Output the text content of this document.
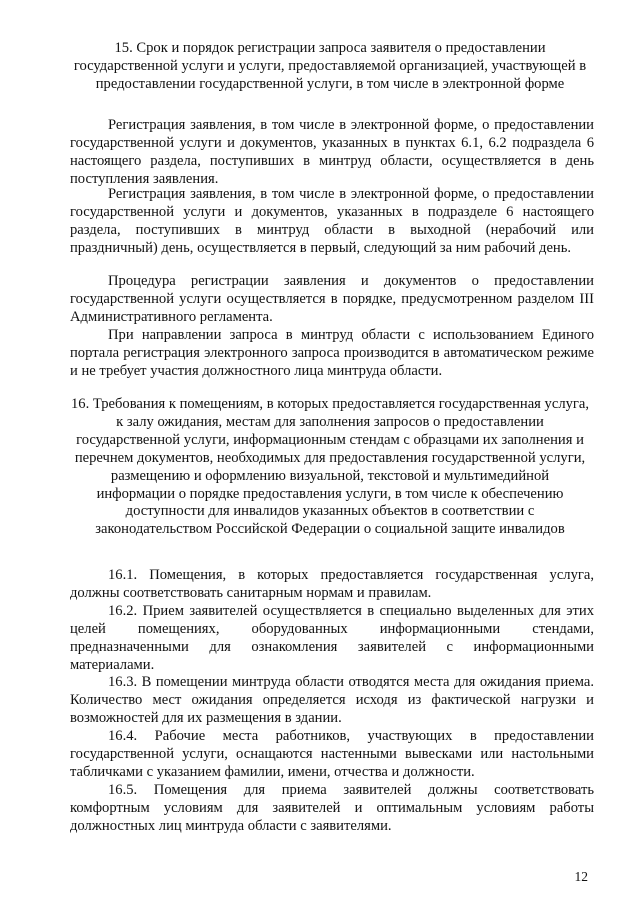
15. Срок и порядок регистрации запроса заявителя о предоставлении государственной услуги и услуги, предоставляемой организацией, участвующей в предоставлении государственной услуги, в том числе в электронной форме

Регистрация заявления, в том числе в электронной форме, о предоставлении государственной услуги и документов, указанных в пунктах 6.1, 6.2 подраздела 6 настоящего раздела, поступивших в минтруд области, осуществляется в день поступления заявления.

Регистрация заявления, в том числе в электронной форме, о предоставлении государственной услуги и документов, указанных в подразделе 6 настоящего раздела, поступивших в минтруд области в выходной (нерабочий или праздничный) день, осуществляется в первый, следующий за ним рабочий день.

Процедура регистрации заявления и документов о предоставлении государственной услуги осуществляется в порядке, предусмотренном разделом III Административного регламента.

При направлении запроса в минтруд области с использованием Единого портала регистрация электронного запроса производится в автоматическом режиме и не требует участия должностного лица минтруда области.

16. Требования к помещениям, в которых предоставляется государственная услуга, к залу ожидания, местам для заполнения запросов о предоставлении государственной услуги, информационным стендам с образцами их заполнения и перечнем документов, необходимых для предоставления государственной услуги, размещению и оформлению визуальной, текстовой и мультимедийной информации о порядке предоставления услуги, в том числе к обеспечению доступности для инвалидов указанных объектов в соответствии с законодательством Российской Федерации о социальной защите инвалидов

16.1. Помещения, в которых предоставляется государственная услуга, должны соответствовать санитарным нормам и правилам.

16.2. Прием заявителей осуществляется в специально выделенных для этих целей помещениях, оборудованных информационными стендами, предназначенными для ознакомления заявителей с информационными материалами.

16.3. В помещении минтруда области отводятся места для ожидания приема. Количество мест ожидания определяется исходя из фактической нагрузки и возможностей для их размещения в здании.

16.4. Рабочие места работников, участвующих в предоставлении государственной услуги, оснащаются настенными вывесками или настольными табличками с указанием фамилии, имени, отчества и должности.

16.5. Помещения для приема заявителей должны соответствовать комфортным условиям для заявителей и оптимальным условиям работы должностных лиц минтруда области с заявителями.

12
